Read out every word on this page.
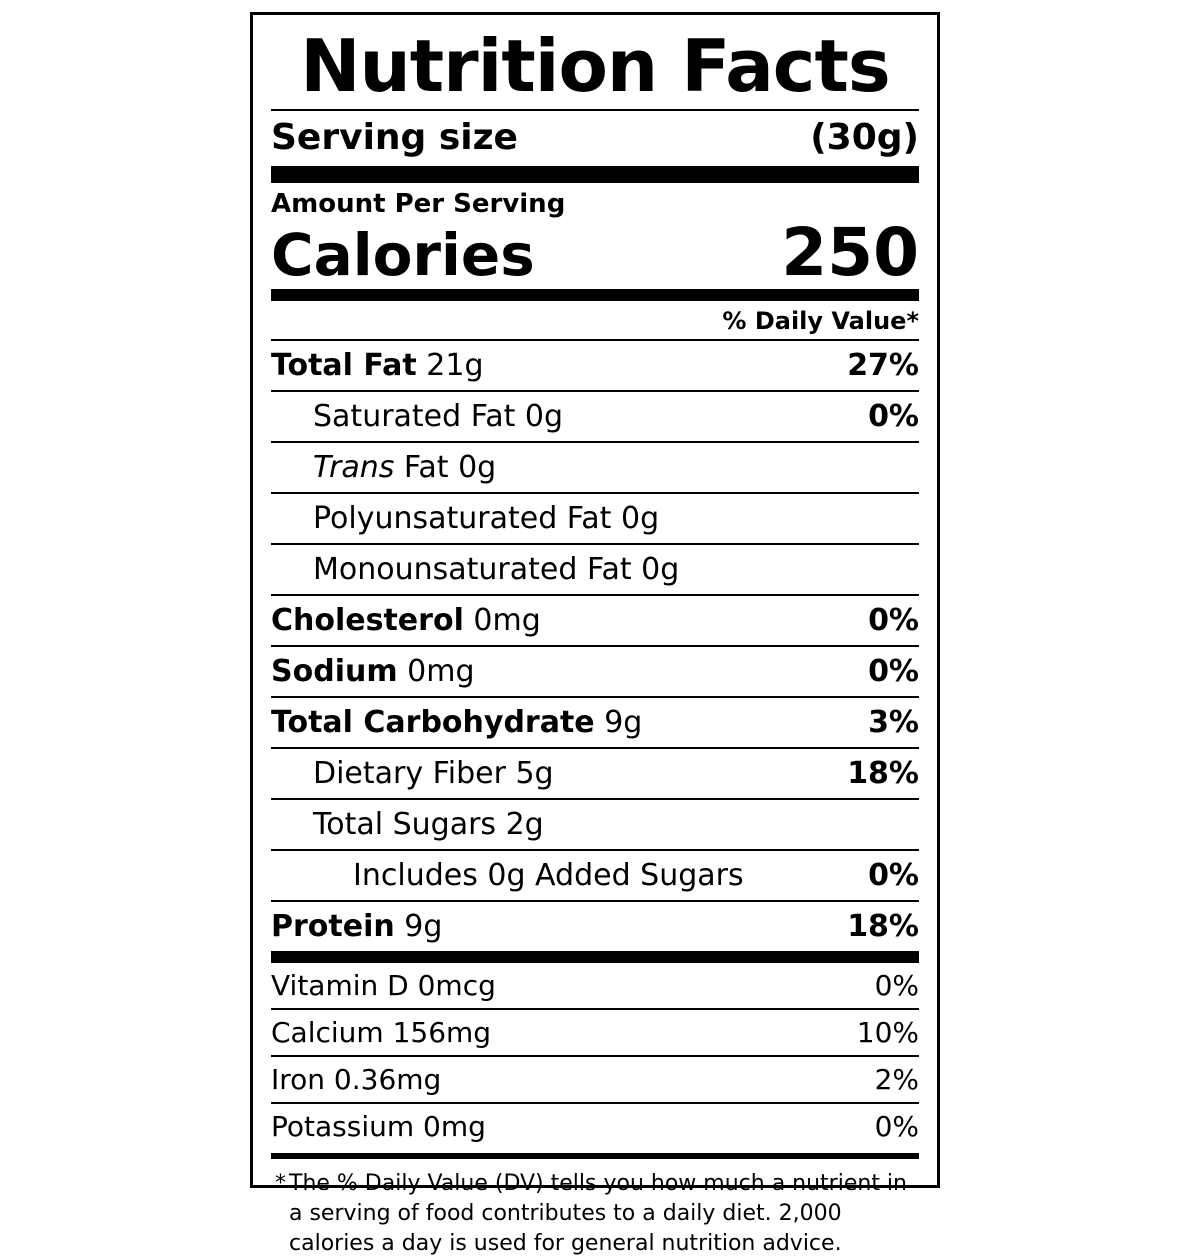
Nutrition Facts
Serving size	(30g)
Amount Per Serving
Calories	250
% Daily Value*
Total Fat 21g	27%
Saturated Fat 0g	0%
Trans Fat 0g
Polyunsaturated Fat 0g
Monounsaturated Fat 0g
Cholesterol 0mg	0%
Sodium 0mg	0%
Total Carbohydrate 9g	3%
Dietary Fiber 5g	18%
Total Sugars 2g
Includes 0g Added Sugars	0%
Protein 9g	18%
Vitamin D 0mcg	0%
Calcium 156mg	10%
Iron 0.36mg	2%
Potassium 0mg	0%
* The % Daily Value (DV) tells you how much a nutrient in a serving of food contributes to a daily diet. 2,000 calories a day is used for general nutrition advice.
